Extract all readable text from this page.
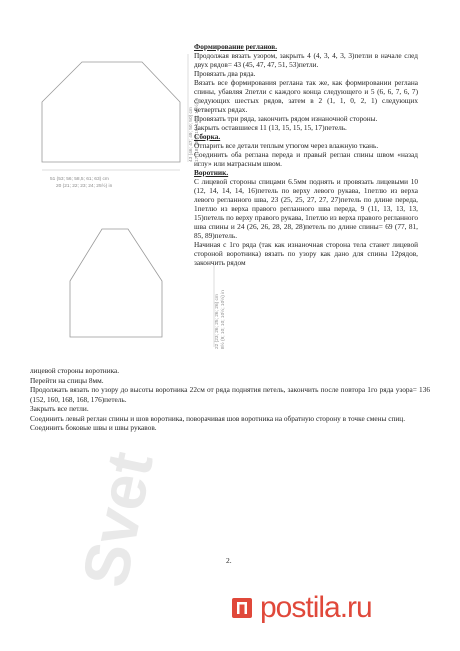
Svet
51 (53; 56; 58,5; 61; 63) cm
20 (21; 22; 23; 24; 25½) in
43 (46; 47; 49; 50; 50) cm 17 (18; 18½; 19; 19½; 19½) in
22 (23; 26; 25; 26; 26) cm 8½ (9; 10; 10; 10½; 10½) in
Формирование регланов.
Продолжая вязать узором, закрыть 4 (4, 3, 4, 3, 3)петли в начале след двух рядов= 43 (45, 47, 47, 51, 53)петли.
Провязать два ряда.
Вязать все формирования реглана так же, как формировании реглана спины, убавляя 2петли с каждого конца следующего и 5 (6, 6, 7, 6, 7) следующих шестых рядов, затем в 2 (1, 1, 0, 2, 1) следующих четвертых рядах.
Провязать три ряда, закончить рядом изнаночной стороны.
Закрыть оставшиеся 11 (13, 15, 15, 15, 17)петель.
Сборка.
Отпарить все детали теплым утюгом через влажную ткань.
Соединить оба реглана переда и правый реглан спины швом «назад иглу» или матрасным швом.
Воротник.
С лицевой стороны спицами 6.5мм поднять и провязать лицевыми 10 (12, 14, 14, 14, 16)петель по верху левого рукава, 1петлю из верха левого регланного шва, 23 (25, 25, 27, 27, 27)петель по длине переда, 1петлю из верха правого регланного шва переда, 9 (11, 13, 13, 13, 15)петель по верху правого рукава, 1петлю из верха правого регланного шва спины и 24 (26, 26, 28, 28, 28)петель по длине спины= 69 (77, 81, 85, 89)петель.
Начиная с 1го ряда (так как изнаночная сторона тела станет лицевой стороной воротника) вязать по узору как дано для спины 12рядов, закончить рядом
лицевой стороны воротника.
Перейти на спицы 8мм.
Продолжать вязать по узору до высоты воротника 22см от ряда поднятия петель, закончить после повтора 1го ряда узора= 136 (152, 160, 168, 168, 176)петель.
Закрыть все петли.
Соединить левый реглан спины и шов воротника, поворачивая шов воротника на обратную сторону в точке смены спиц.
Соединить боковые швы и швы рукавов.
2.
postila.ru
